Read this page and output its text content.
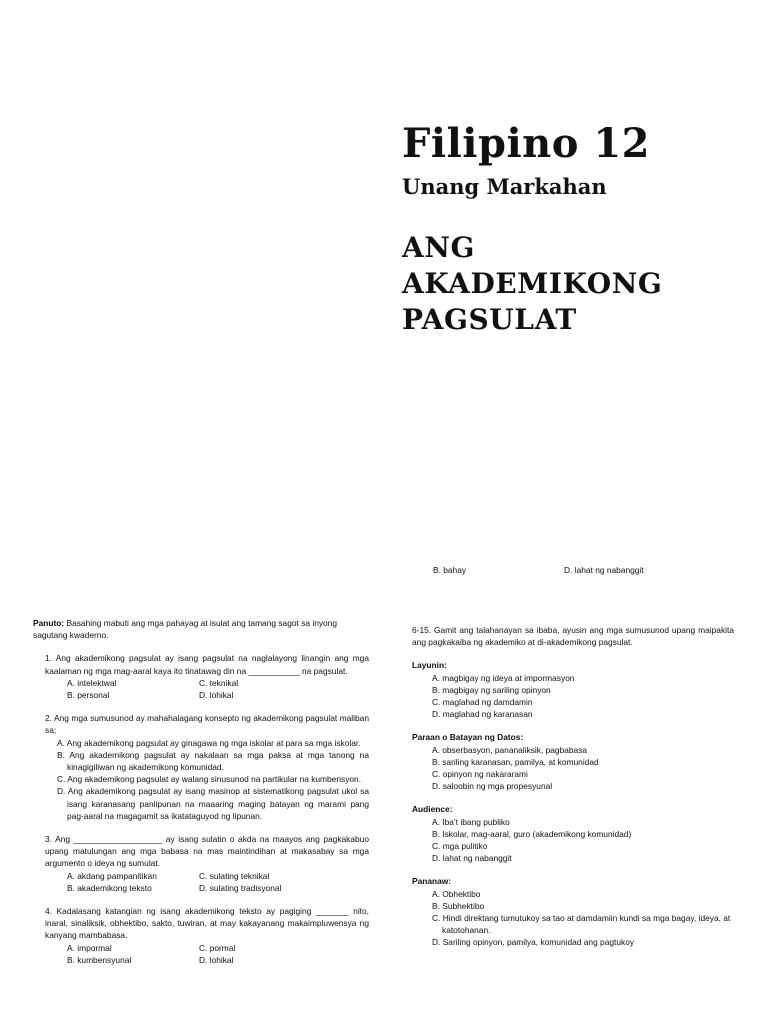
Filipino 12
Unang Markahan
ANG
AKADEMIKONG
PAGSULAT
B. bahay	D. lahat ng nabanggit
Panuto: Basahing mabuti ang mga pahayag at isulat ang tamang sagot sa inyong sagutang kwaderno.

1. Ang akademikong pagsulat ay isang pagsulat na naglalayong linangin ang mga kaalaman ng mga mag-aaral kaya ito tinatawag din na ___________ na pagsulat.

A. intelektwal	C. teknikal
B. personal	D. lohikal

2. Ang mga sumusunod ay mahahalagang konsepto ng akademikong pagsulat maliban sa;

A. Ang akademikong pagsulat ay ginagawa ng mga iskolar at para sa mga iskolar.
B. Ang akademikong pagsulat ay nakalaan sa mga paksa at mga tanong na kinagigiliwan ng akademikong komunidad.
C. Ang akademikong pagsulat ay walang sinusunod na partikular na kumbensyon.
D. Ang akademikong pagsulat ay isang masinop at sistematikong pagsulat ukol sa isang karanasang panlipunan na maaaring maging batayan ng marami pang pag-aaral na magagamit sa ikatataguyod ng lipunan.

3. Ang ___________________ ay isang sulatin o akda na maayos ang pagkakabuo upang matulungan ang mga babasa na mas maintindihan at makasabay sa mga argumento o ideya ng sumulat.

A. akdang pampanitikan	C. sulating teknikal
B. akademikong teksto	D. sulating tradisyonal

4. Kadalasang katangian ng isang akademikong teksto ay pagiging _______ nito, inaral, sinaliksik, obhektibo, sakto, tuwiran, at may kakayanang makaimpluwensya ng kanyang mambabasa.

A. impormal	C. pormal
B. kumbensyunal	D. lohikal
6-15. Gamit ang talahanayan sa ibaba, ayusin ang mga sumusunod upang maipakita ang pagkakaiba ng akademiko at di-akademikong pagsulat.
Layunin:
A. magbigay ng ideya at impormasyon
B. magbigay ng sariling opinyon
C. maglahad ng damdamin
D. maglahad ng karanasan
Paraan o Batayan ng Datos:
A. obserbasyon, pananaliksik, pagbabasa
B. sariling karanasan, pamilya, at komunidad
C. opinyon ng nakararami
D. saloobin ng mga propesyunal
Audience:
A. Iba’t ibang publiko
B. Iskolar, mag-aaral, guro (akademikong komunidad)
C. mga pulitiko
D. lahat ng nabanggit
Pananaw:
A. Obhektibo
B. Subhektibo
C. Hindi direktang tumutukoy sa tao at damdamiin kundi sa mga bagay, ideya, at katotohanan.
D. Sariling opinyon, pamilya, komunidad ang pagtukoy
